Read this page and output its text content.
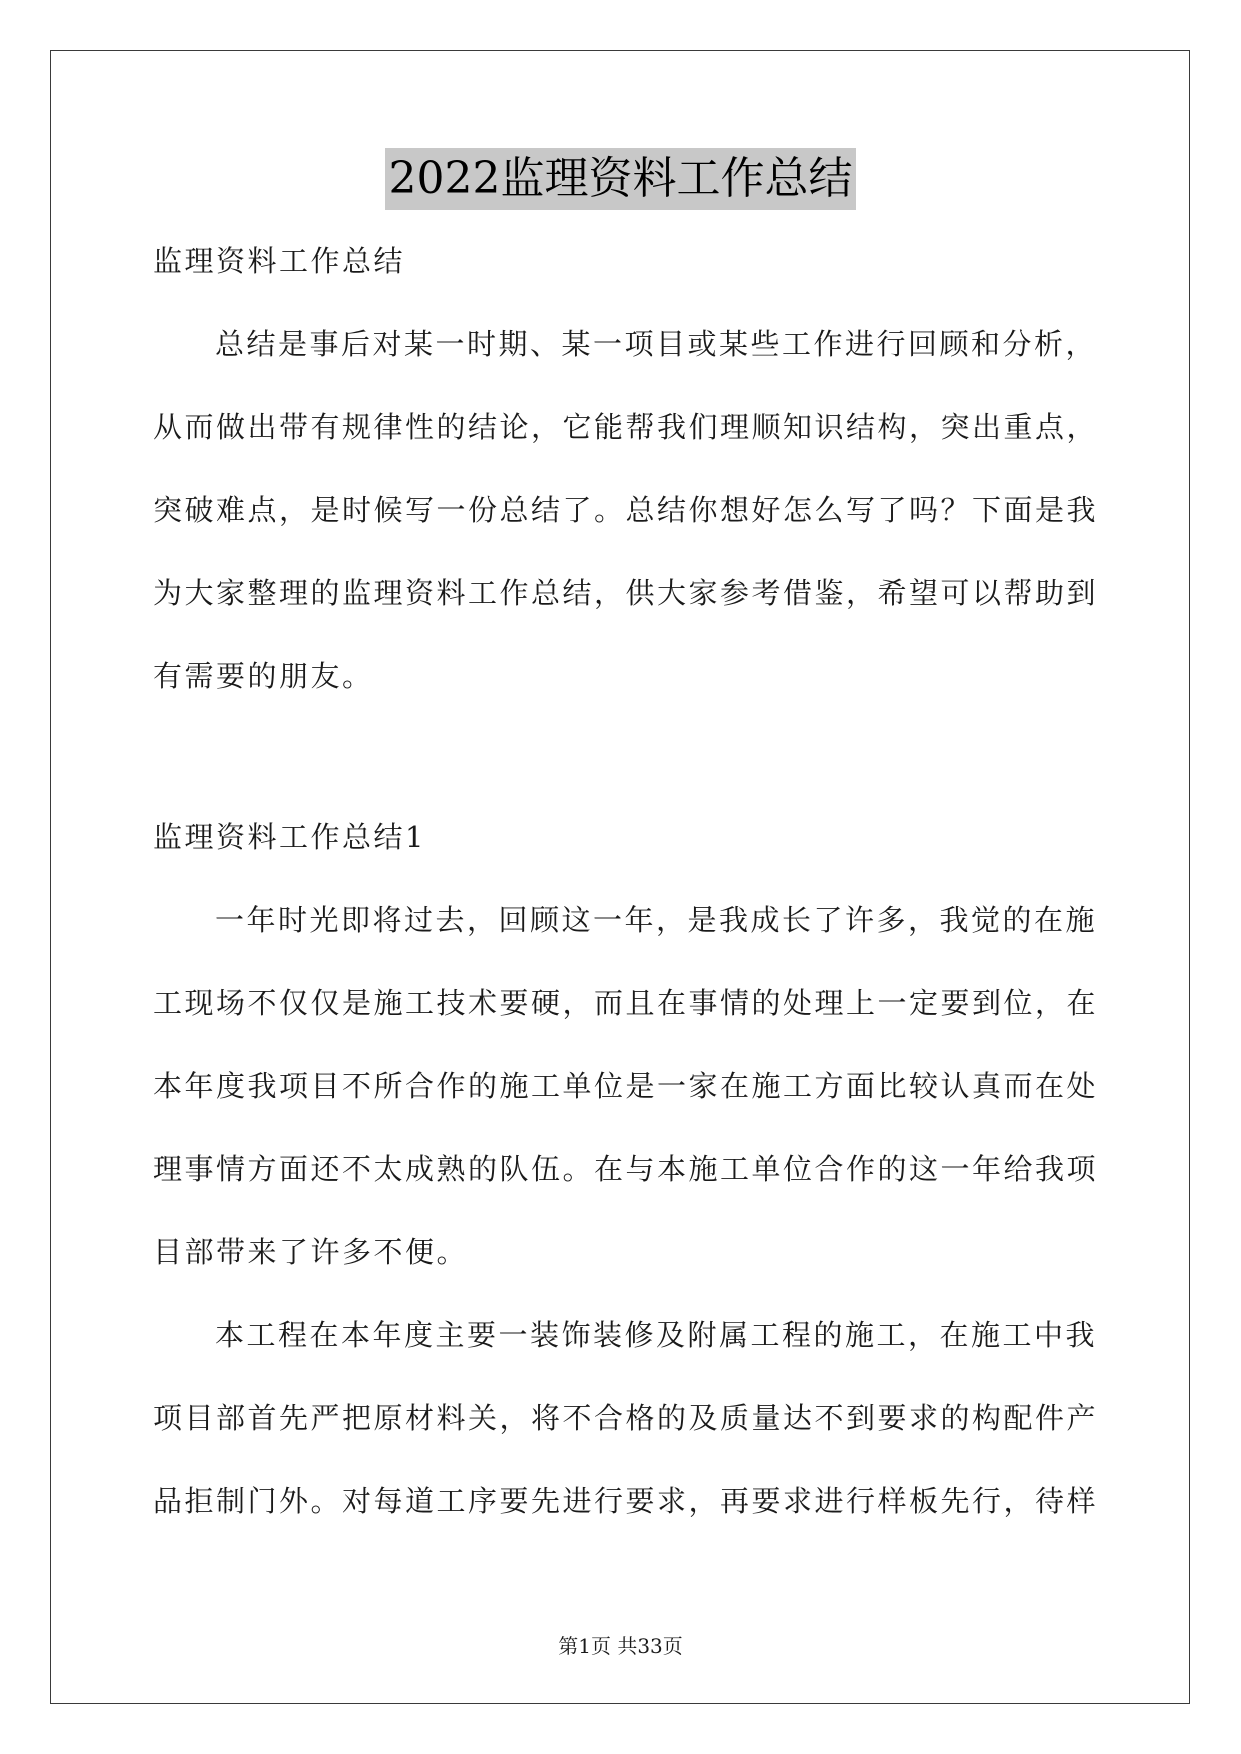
2022监理资料工作总结
监理资料工作总结
总结是事后对某一时期、某一项目或某些工作进行回顾和分析，
从而做出带有规律性的结论，它能帮我们理顺知识结构，突出重点，
突破难点，是时候写一份总结了。总结你想好怎么写了吗？下面是我
为大家整理的监理资料工作总结，供大家参考借鉴，希望可以帮助到
有需要的朋友。
监理资料工作总结1
一年时光即将过去，回顾这一年，是我成长了许多，我觉的在施
工现场不仅仅是施工技术要硬，而且在事情的处理上一定要到位，在
本年度我项目不所合作的施工单位是一家在施工方面比较认真而在处
理事情方面还不太成熟的队伍。在与本施工单位合作的这一年给我项
目部带来了许多不便。
本工程在本年度主要一装饰装修及附属工程的施工，在施工中我
项目部首先严把原材料关，将不合格的及质量达不到要求的构配件产
品拒制门外。对每道工序要先进行要求，再要求进行样板先行，待样
第1页 共33页
